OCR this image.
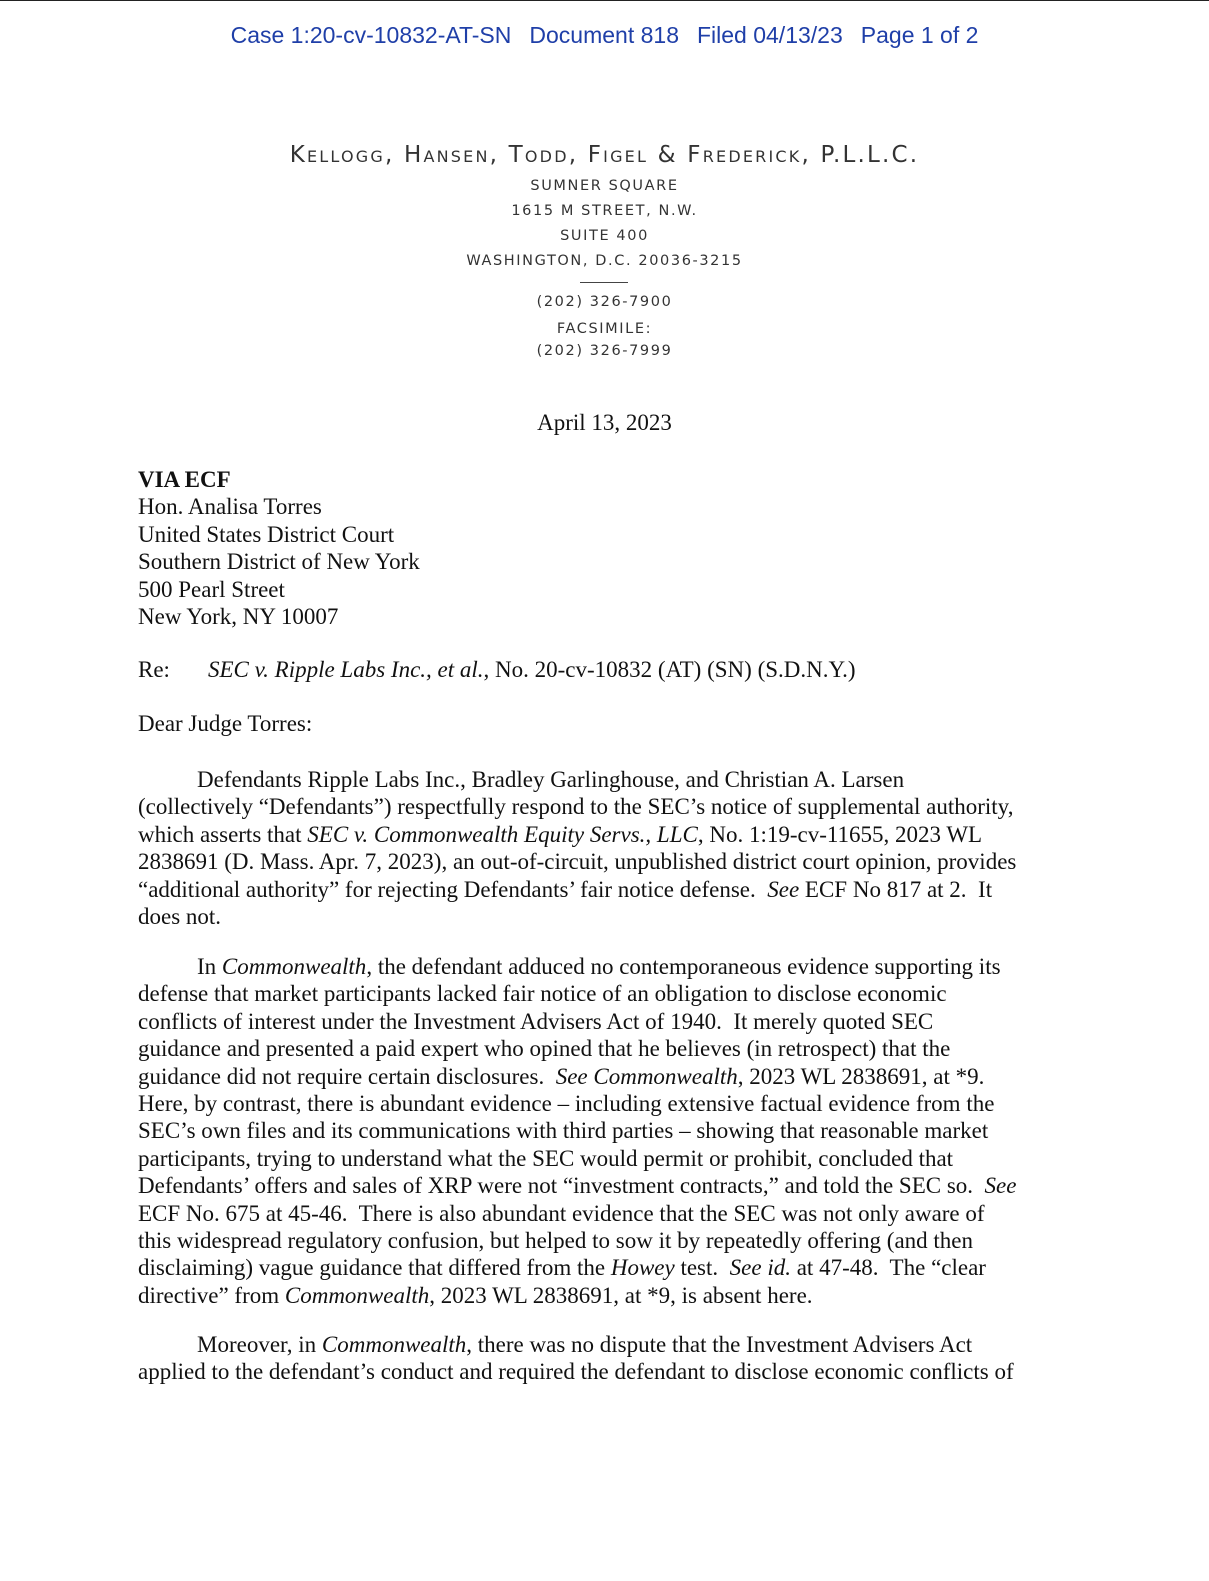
Case 1:20-cv-10832-AT-SN Document 818 Filed 04/13/23 Page 1 of 2
Kellogg, Hansen, Todd, Figel & Frederick, P.L.L.C.
SUMNER SQUARE
1615 M STREET, N.W.
SUITE 400
WASHINGTON, D.C. 20036-3215
(202) 326-7900
FACSIMILE:
(202) 326-7999
April 13, 2023
VIA ECF
Hon. Analisa Torres
United States District Court
Southern District of New York
500 Pearl Street
New York, NY 10007
Re: SEC v. Ripple Labs Inc., et al., No. 20-cv-10832 (AT) (SN) (S.D.N.Y.)
Dear Judge Torres:
Defendants Ripple Labs Inc., Bradley Garlinghouse, and Christian A. Larsen
(collectively “Defendants”) respectfully respond to the SEC’s notice of supplemental authority,
which asserts that SEC v. Commonwealth Equity Servs., LLC, No. 1:19-cv-11655, 2023 WL
2838691 (D. Mass. Apr. 7, 2023), an out-of-circuit, unpublished district court opinion, provides
“additional authority” for rejecting Defendants’ fair notice defense.  See ECF No 817 at 2.  It
does not.
In Commonwealth, the defendant adduced no contemporaneous evidence supporting its
defense that market participants lacked fair notice of an obligation to disclose economic
conflicts of interest under the Investment Advisers Act of 1940.  It merely quoted SEC
guidance and presented a paid expert who opined that he believes (in retrospect) that the
guidance did not require certain disclosures.  See Commonwealth, 2023 WL 2838691, at *9.
Here, by contrast, there is abundant evidence – including extensive factual evidence from the
SEC’s own files and its communications with third parties – showing that reasonable market
participants, trying to understand what the SEC would permit or prohibit, concluded that
Defendants’ offers and sales of XRP were not “investment contracts,” and told the SEC so.  See
ECF No. 675 at 45-46.  There is also abundant evidence that the SEC was not only aware of
this widespread regulatory confusion, but helped to sow it by repeatedly offering (and then
disclaiming) vague guidance that differed from the Howey test.  See id. at 47-48.  The “clear
directive” from Commonwealth, 2023 WL 2838691, at *9, is absent here.
Moreover, in Commonwealth, there was no dispute that the Investment Advisers Act
applied to the defendant’s conduct and required the defendant to disclose economic conflicts of
